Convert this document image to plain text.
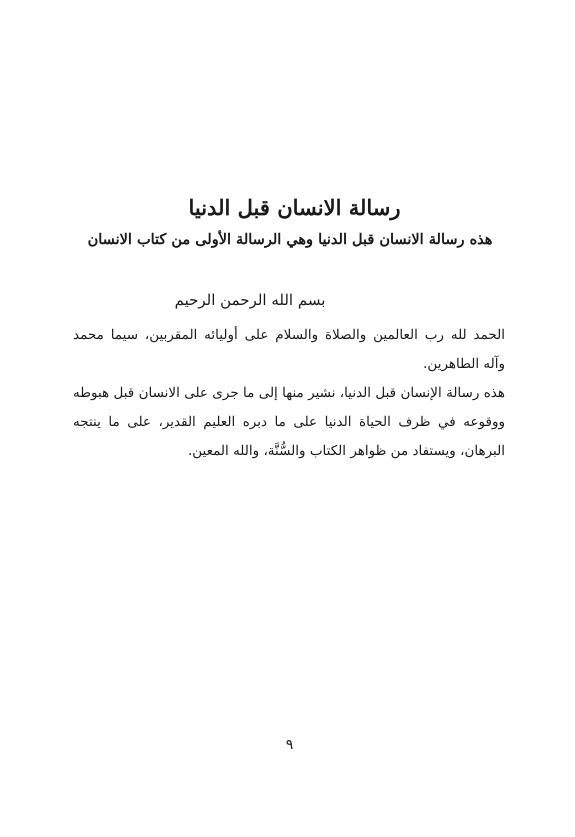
رسالة الانسان قبل الدنيا
هذه رسالة الانسان قبل الدنيا وهي الرسالة الأولى من كتاب الانسان

بسم الله الرحمن الرحيم

الحمد لله رب العالمين والصلاة والسلام على أوليائه المقربين، سيما محمد وآله الطاهرين.

هذه رسالة الإنسان قبل الدنيا، نشير منها إلى ما جرى على الانسان قبل هبوطه ووقوعه في ظرف الحياة الدنيا على ما دبره العليم القدير، على ما ينتجه البرهان، ويستفاد من ظواهر الكتاب والسُّنَّة، والله المعين.

٩
